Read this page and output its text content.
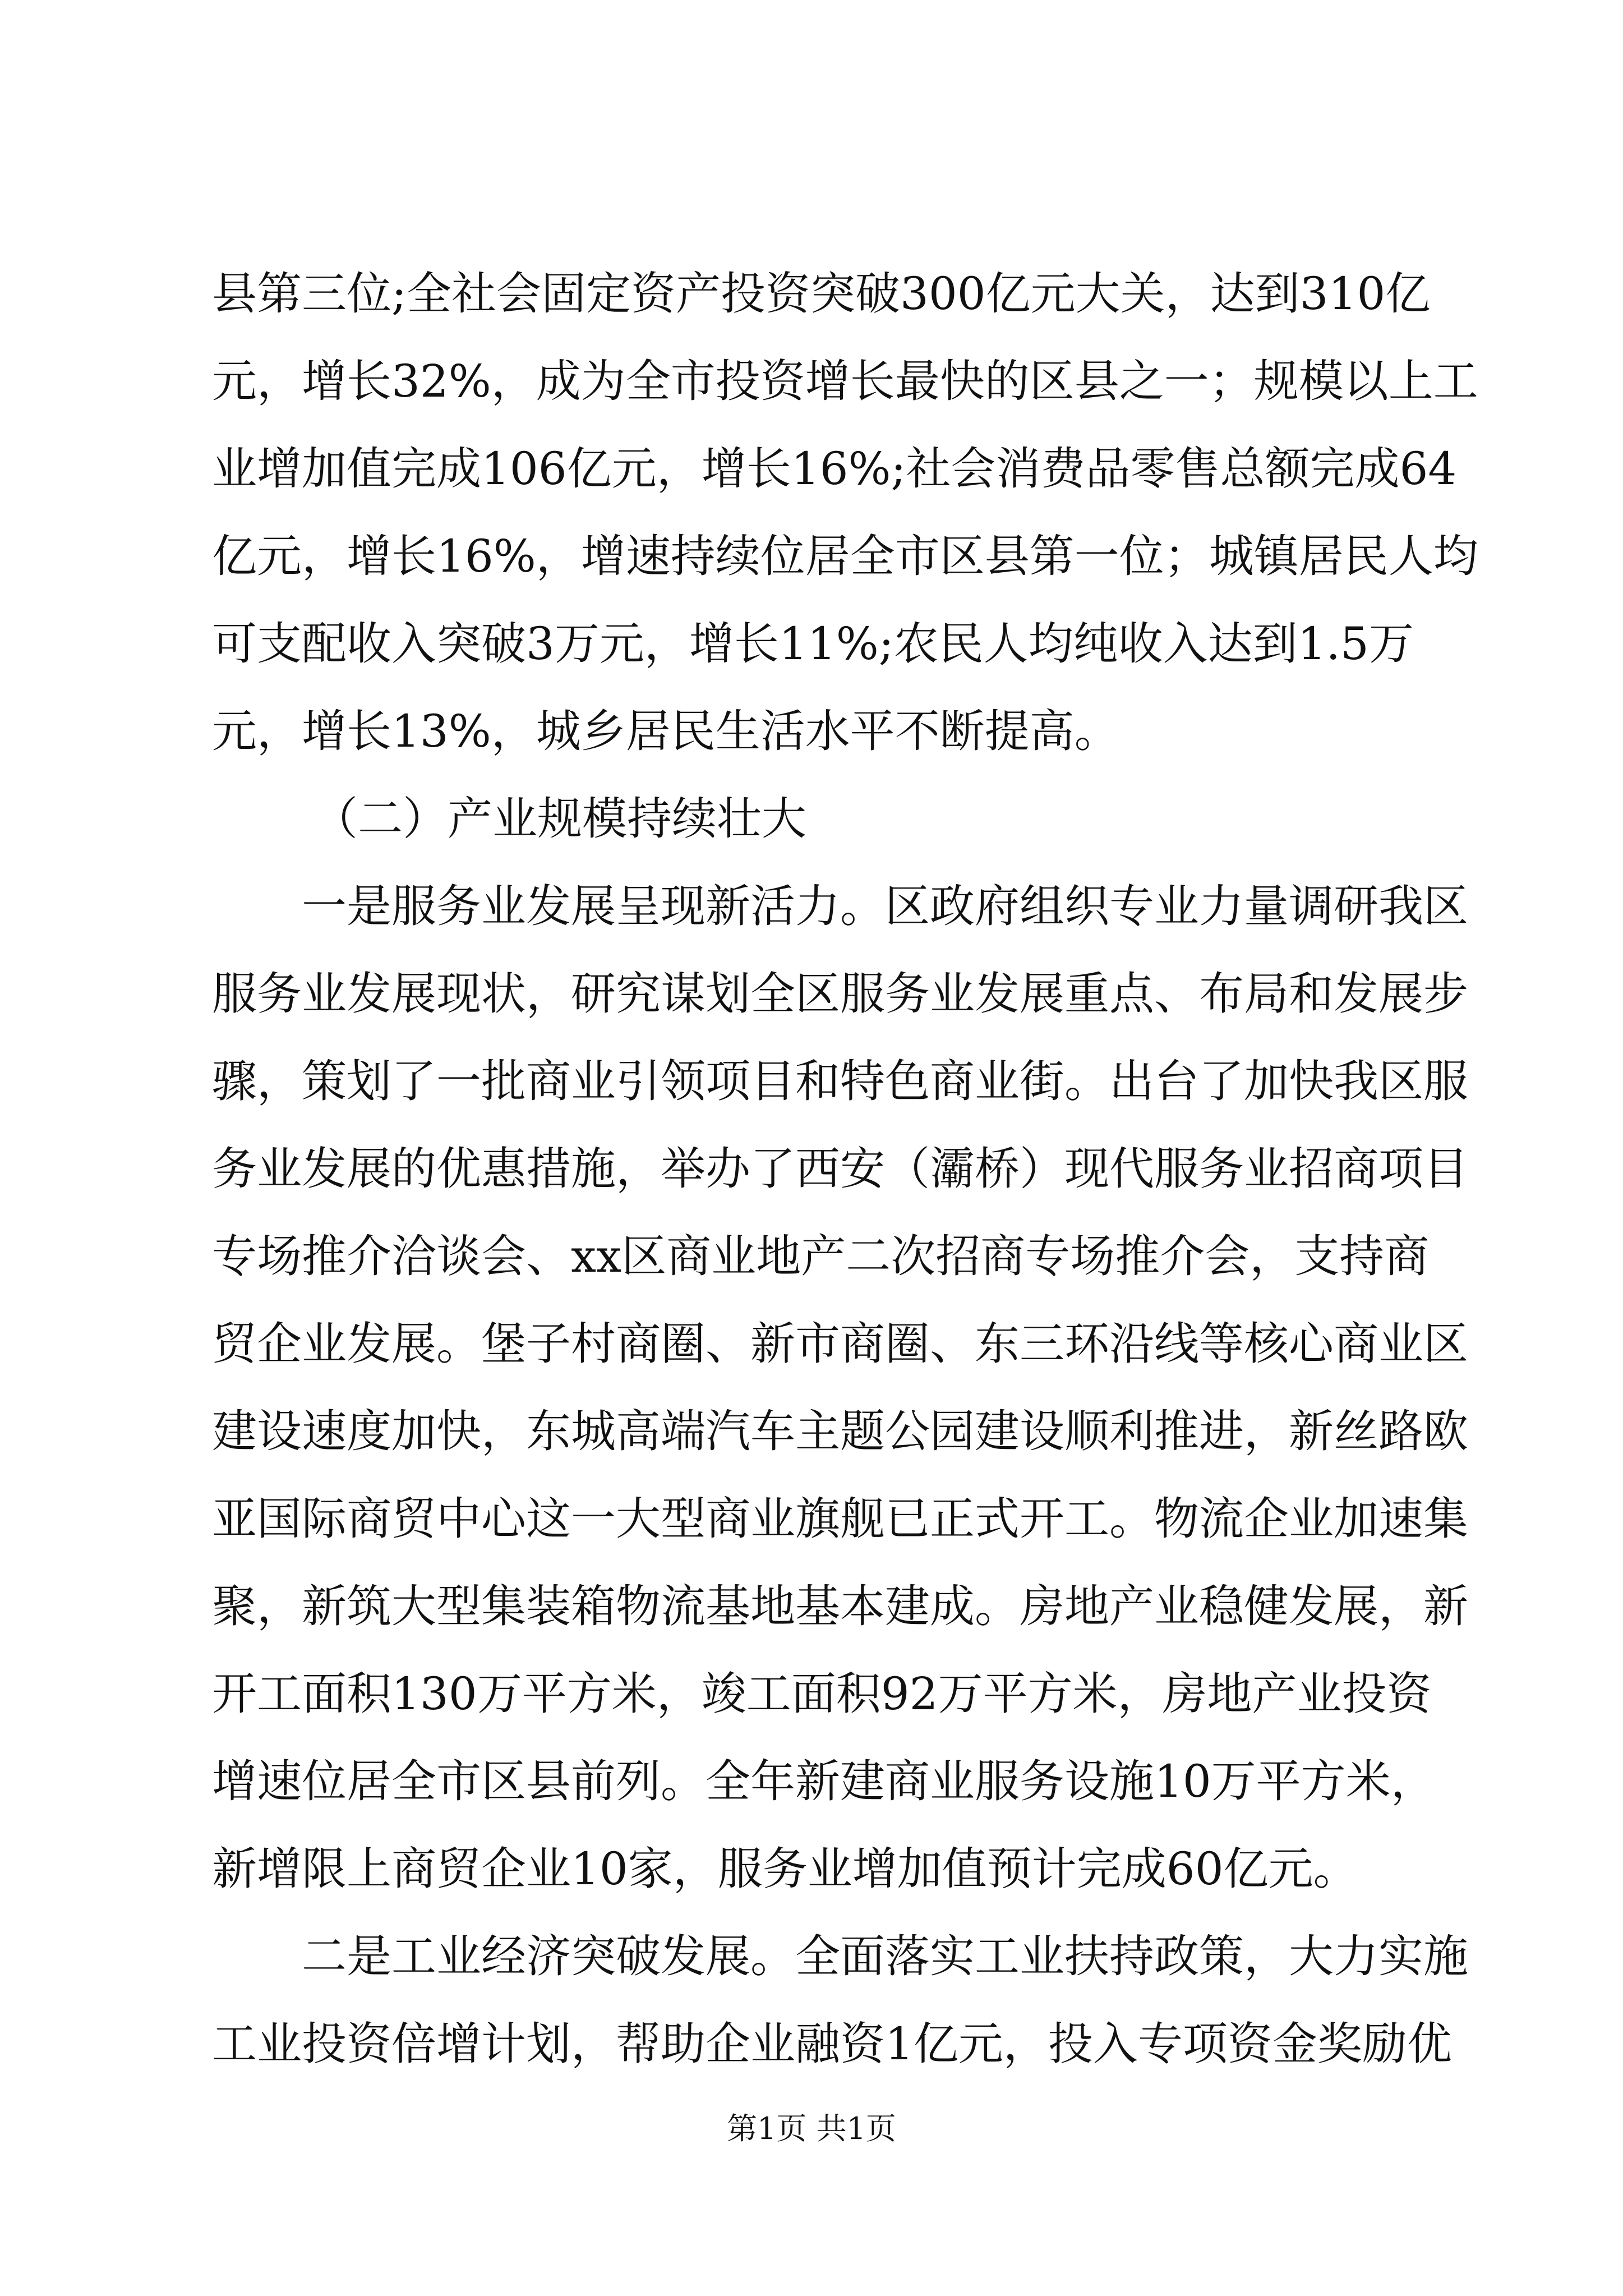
县第三位;全社会固定资产投资突破300亿元大关，达到310亿
元，增长32%，成为全市投资增长最快的区县之一；规模以上工
业增加值完成106亿元，增长16%;社会消费品零售总额完成64
亿元，增长16%，增速持续位居全市区县第一位；城镇居民人均
可支配收入突破3万元，增长11%;农民人均纯收入达到1.5万
元，增长13%，城乡居民生活水平不断提高。
（二）产业规模持续壮大
一是服务业发展呈现新活力。区政府组织专业力量调研我区
服务业发展现状，研究谋划全区服务业发展重点、布局和发展步
骤，策划了一批商业引领项目和特色商业街。出台了加快我区服
务业发展的优惠措施，举办了西安（灞桥）现代服务业招商项目
专场推介洽谈会、xx区商业地产二次招商专场推介会，支持商
贸企业发展。堡子村商圈、新市商圈、东三环沿线等核心商业区
建设速度加快，东城高端汽车主题公园建设顺利推进，新丝路欧
亚国际商贸中心这一大型商业旗舰已正式开工。物流企业加速集
聚，新筑大型集装箱物流基地基本建成。房地产业稳健发展，新
开工面积130万平方米，竣工面积92万平方米，房地产业投资
增速位居全市区县前列。全年新建商业服务设施10万平方米，
新增限上商贸企业10家，服务业增加值预计完成60亿元。
二是工业经济突破发展。全面落实工业扶持政策，大力实施
工业投资倍增计划，帮助企业融资1亿元，投入专项资金奖励优
第1页 共1页
